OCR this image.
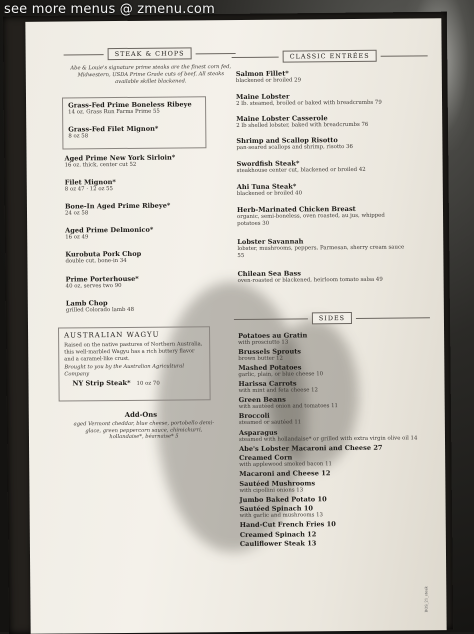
STEAK & CHOPS
Abe & Louie's signature prime steaks are the finest corn fed, Midwestern, USDA Prime Grade cuts of beef. All steaks available skillet blackened.
Grass-Fed Prime Boneless Ribeye
14 oz. Grass Run Farms Prime 55
Grass-Fed Filet Mignon*
8 oz 58
Aged Prime New York Sirloin*
16 oz. thick, center cut 52
Filet Mignon*
8 oz 47 · 12 oz 55
Bone-In Aged Prime Ribeye*
24 oz 58
Aged Prime Delmonico*
16 oz 49
Kurobuta Pork Chop
double cut, bone-in 34
Prime Porterhouse*
40 oz, serves two 90
Lamb Chop
grilled Colorado lamb 48
AUSTRALIAN WAGYU
Raised on the native pastures of Northern Australia, this well-marbled Wagyu has a rich buttery flavor and a caramel-like crust.
Brought to you by the Australian Agricultural Company
NY Strip Steak* 10 oz 70
Add-Ons
aged Vermont cheddar, blue cheese, portobello demi-glace, green peppercorn sauce, chimichurri, hollandaise*, béarnaise* 5
CLASSIC ENTRÉES
Salmon Fillet*
blackened or broiled 29
Maine Lobster
2 lb. steamed, broiled or baked with breadcrumbs 79
Maine Lobster Casserole
2 lb shelled lobster, baked with breadcrumbs 76
Shrimp and Scallop Risotto
pan-seared scallops and shrimp, risotto 36
Swordfish Steak*
steakhouse center cut, blackened or broiled 42
Ahi Tuna Steak*
blackened or broiled 40
Herb-Marinated Chicken Breast
organic, semi-boneless, oven roasted, au jus, whipped potatoes 30
Lobster Savannah
lobster, mushrooms, peppers, Parmesan, sherry cream sauce 55
Chilean Sea Bass
oven-roasted or blackened, heirloom tomato salsa 49
SIDES
Potatoes au Gratin
with prosciutto 13
Brussels Sprouts
brown butter 12
Mashed Potatoes
garlic, plain, or blue cheese 10
Harissa Carrots
with mint and feta cheese 12
Green Beans
with sautéed onion and tomatoes 11
Broccoli
steamed or sautéed 11
Asparagus
steamed with hollandaise* or grilled with extra virgin olive oil 14
Abe's Lobster Macaroni and Cheese 27
Creamed Corn
with applewood smoked bacon 11
Macaroni and Cheese 12
Sautéed Mushrooms
with cipollini onions 13
Jumbo Baked Potato 10
Sautéed Spinach 10
with garlic and mushrooms 13
Hand-Cut French Fries 10
Creamed Spinach 12
Cauliflower Steak 13
BOS_21_steak
see more menus @ zmenu.com
